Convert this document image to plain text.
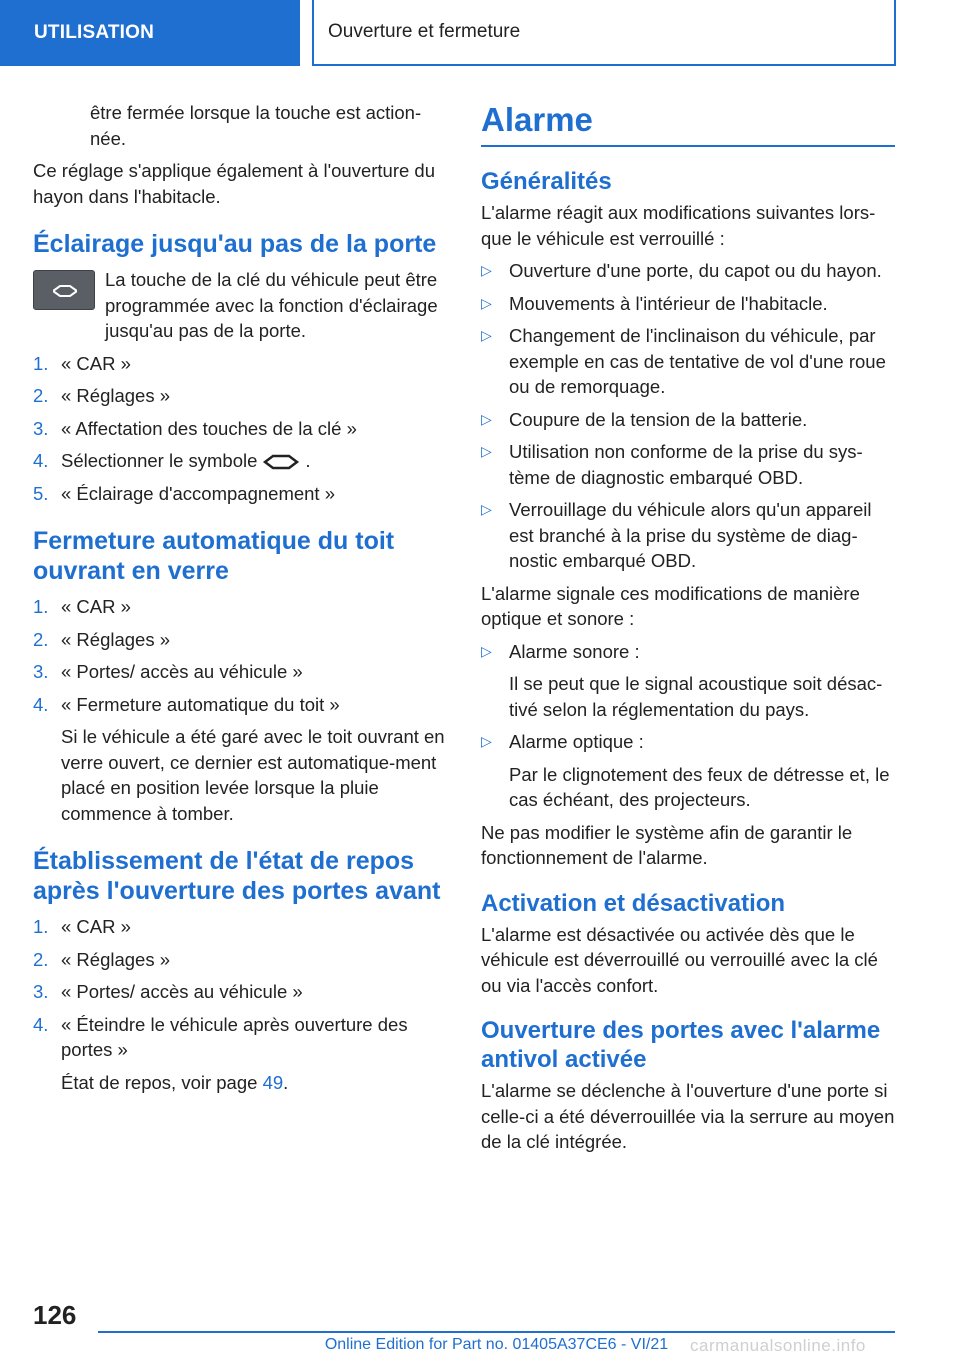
UTILISATION	Ouverture et fermeture

être fermée lorsque la touche est action-née.

Ce réglage s'applique également à l'ouverture du hayon dans l'habitacle.

Éclairage jusqu'au pas de la porte

La touche de la clé du véhicule peut être programmée avec la fonction d'éclairage jusqu'au pas de la porte.

1. « CAR »
2. « Réglages »
3. « Affectation des touches de la clé »
4. Sélectionner le symbole	.
5. « Éclairage d'accompagnement »
Fermeture automatique du toit ouvrant en verre
1. « CAR »
2. « Réglages »
3. « Portes/ accès au véhicule »
4. « Fermeture automatique du toit »
Si le véhicule a été garé avec le toit ouvrant en verre ouvert, ce dernier est automatique-ment placé en position levée lorsque la pluie commence à tomber.
Établissement de l'état de repos après l'ouverture des portes avant
1. « CAR »
2. « Réglages »
3. « Portes/ accès au véhicule »
4. « Éteindre le véhicule après ouverture des portes »
État de repos, voir page 49.
Alarme
Généralités

L'alarme réagit aux modifications suivantes lors-que le véhicule est verrouillé :

▷ Ouverture d'une porte, du capot ou du hayon.
▷ Mouvements à l'intérieur de l'habitacle.
▷ Changement de l'inclinaison du véhicule, par exemple en cas de tentative de vol d'une roue ou de remorquage.
▷ Coupure de la tension de la batterie.
▷ Utilisation non conforme de la prise du sys-tème de diagnostic embarqué OBD.
▷ Verrouillage du véhicule alors qu'un appareil est branché à la prise du système de diag-nostic embarqué OBD.

L'alarme signale ces modifications de manière optique et sonore :

▷ Alarme sonore :
Il se peut que le signal acoustique soit désac-tivé selon la réglementation du pays.
▷ Alarme optique :
Par le clignotement des feux de détresse et, le cas échéant, des projecteurs.

Ne pas modifier le système afin de garantir le fonctionnement de l'alarme.

Activation et désactivation

L'alarme est désactivée ou activée dès que le véhicule est déverrouillé ou verrouillé avec la clé ou via l'accès confort.

Ouverture des portes avec l'alarme antivol activée

L'alarme se déclenche à l'ouverture d'une porte si celle-ci a été déverrouillée via la serrure au moyen de la clé intégrée.

126
Online Edition for Part no. 01405A37CE6 - VI/21	carmanualsonline.info
